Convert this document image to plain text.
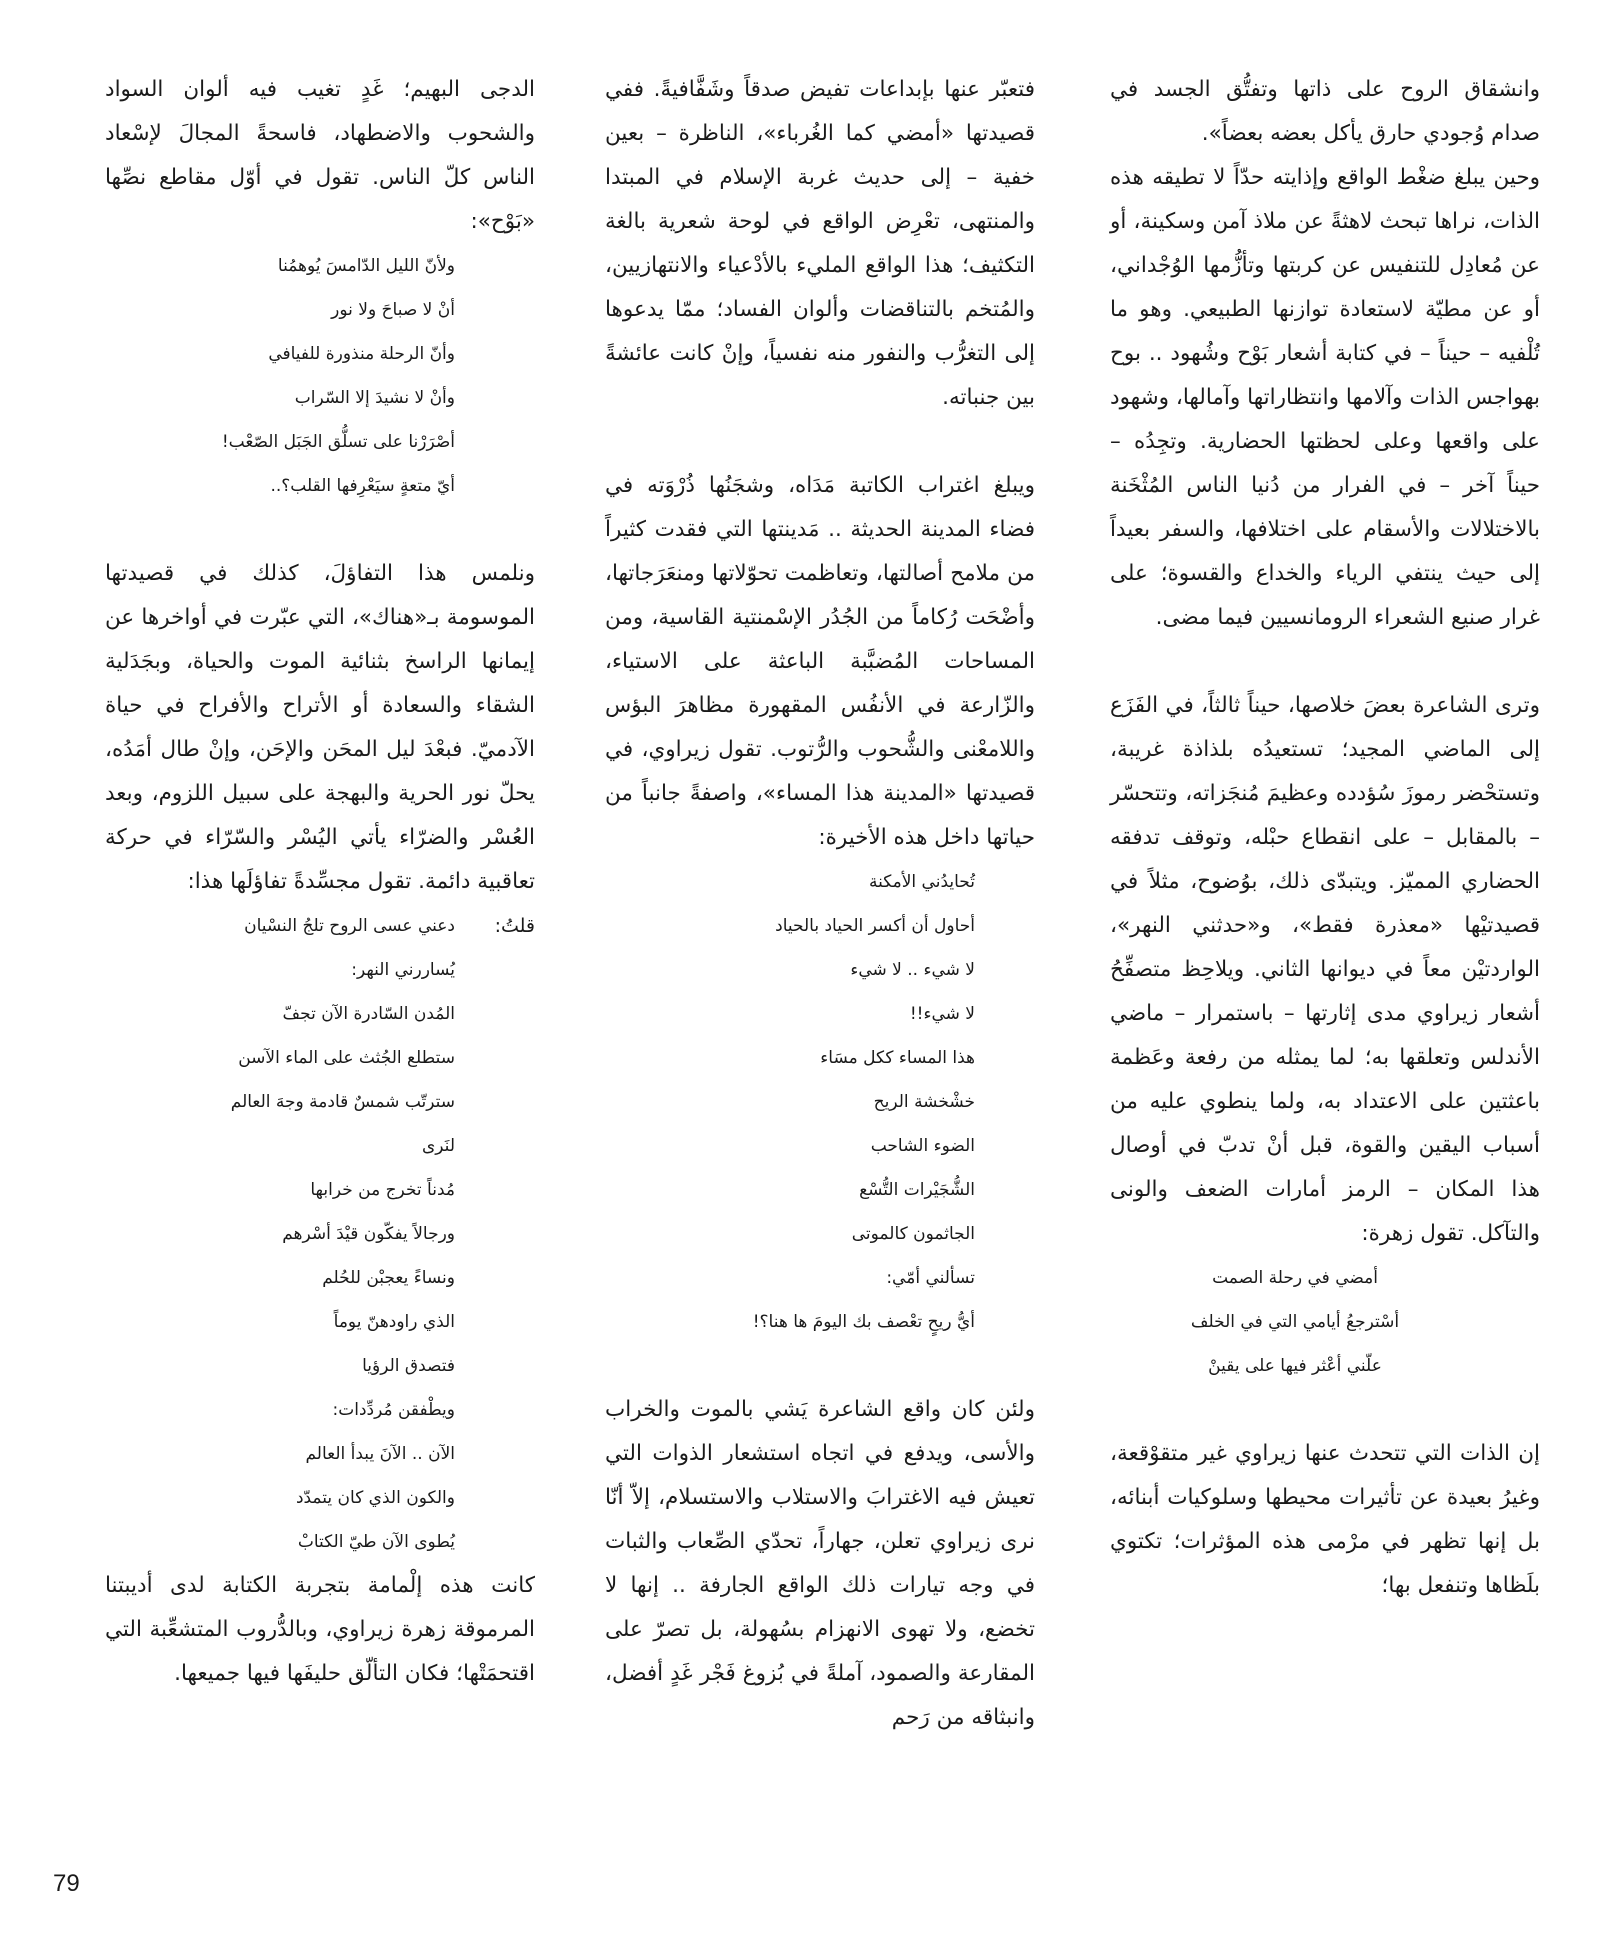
وانشقاق الروح على ذاتها وتفتُّق الجسد في صدام وُجودي حارق يأكل بعضه بعضاً».

وحين يبلغ ضغْط الواقع وإذايته حدّاً لا تطيقه هذه الذات، نراها تبحث لاهثةً عن ملاذ آمن وسكينة، أو عن مُعادِل للتنفيس عن كربتها وتأزُّمها الوُجْداني، أو عن مطيّة لاستعادة توازنها الطبيعي. وهو ما تُلْفيه – حيناً – في كتابة أشعار بَوْح وشُهود .. بوح بهواجس الذات وآلامها وانتظاراتها وآمالها، وشهود على واقعها وعلى لحظتها الحضارية. وتجِدُه – حيناً آخر – في الفرار من دُنيا الناس المُثْخَنة بالاختلالات والأسقام على اختلافها، والسفر بعيداً إلى حيث ينتفي الرياء والخداع والقسوة؛ على غرار صنيع الشعراء الرومانسيين فيما مضى.

وترى الشاعرة بعضَ خلاصها، حيناً ثالثاً، في الفَزَع إلى الماضي المجيد؛ تستعيدُه بلذاذة غريبة، وتستحْضر رموزَ سُؤدده وعظيمَ مُنجَزاته، وتتحسّر – بالمقابل – على انقطاع حبْله، وتوقف تدفقه الحضاري المميّز. ويتبدّى ذلك، بوُضوح، مثلاً في قصيدتيْها «معذرة فقط»، و«حدثني النهر»، الواردتيْن معاً في ديوانها الثاني. ويلاحِظ متصفِّحُ أشعار زيراوي مدى إثارتها – باستمرار – ماضي الأندلس وتعلقها به؛ لما يمثله من رفعة وعَظمة باعثتين على الاعتداد به، ولما ينطوي عليه من أسباب اليقين والقوة، قبل أنْ تدبّ في أوصال هذا المكان – الرمز أمارات الضعف والونى والتآكل. تقول زهرة:

أمضي في رحلة الصمت
أسْترجعُ أيامي التي في الخلف
علّني أعْثر فيها على يقينْ

إن الذات التي تتحدث عنها زيراوي غير متقوْقعة، وغيرُ بعيدة عن تأثيرات محيطها وسلوكيات أبنائه، بل إنها تظهر في مرْمى هذه المؤثرات؛ تكتوي بلَظاها وتنفعل بها؛

فتعبّر عنها بإبداعات تفيض صدقاً وشَفَّافيةً. ففي قصيدتها «أمضي كما الغُرباء»، الناظرة – بعين خفية – إلى حديث غربة الإسلام في المبتدا والمنتهى، تعْرِض الواقع في لوحة شعرية بالغة التكثيف؛ هذا الواقع المليء بالأدْعياء والانتهازيين، والمُتخم بالتناقضات وألوان الفساد؛ ممّا يدعوها إلى التغرُّب والنفور منه نفسياً، وإنْ كانت عائشةً بين جنباته.

ويبلغ اغتراب الكاتبة مَدَاه، وشجَنُها ذُرْوَته في فضاء المدينة الحديثة .. مَدينتها التي فقدت كثيراً من ملامح أصالتها، وتعاظمت تحوّلاتها ومنعَرَجاتها، وأضْحَت رُكاماً من الجُدُر الإسْمنتية القاسية، ومن المساحات المُضبَّبة الباعثة على الاستياء، والزّارعة في الأنفُس المقهورة مظاهرَ البؤس واللامعْنى والشُّحوب والرُّتوب. تقول زيراوي، في قصيدتها «المدينة هذا المساء»، واصفةً جانباً من حياتها داخل هذه الأخيرة:

تُحايدُني الأمكنة
أحاول أن أكسر الحياد بالحياد
لا شيء .. لا شيء
لا شيء!!
هذا المساء ككل مسَاء
خشْخشة الريح
الضوء الشاحب
الشُّجَيْرات التُّسْع
الجاثمون كالموتى
تسألني أمّي:
أيُّ ريحٍ تعْصف بك اليومَ ها هنا؟!

ولئن كان واقع الشاعرة يَشي بالموت والخراب والأسى، ويدفع في اتجاه استشعار الذوات التي تعيش فيه الاغترابَ والاستلاب والاستسلام، إلاّ أنّا نرى زيراوي تعلن، جهاراً، تحدّي الصِّعاب والثبات في وجه تيارات ذلك الواقع الجارفة .. إنها لا تخضع، ولا تهوى الانهزام بسُهولة، بل تصرّ على المقارعة والصمود، آملةً في بُزوغ فَجْر غَدٍ أفضل، وانبثاقه من رَحم

الدجى البهيم؛ غَدٍ تغيب فيه ألوان السواد والشحوب والاضطهاد، فاسحةً المجالَ لإسْعاد الناس كلّ الناس. تقول في أوّل مقاطع نصِّها «بَوْح»:

ولأنّ الليل الدّامسَ يُوهمُنا
أنْ لا صباحَ ولا نور
وأنّ الرحلة منذورة للفيافي
وأنْ لا نشيدَ إلا السّراب
أصْرَرْنا على تسلُّق الجَبَل الصّعْب!
أيّ متعةٍ سيَعْرِفها القلب؟..

ونلمس هذا التفاؤلَ، كذلك في قصيدتها الموسومة بـ«هناك»، التي عبّرت في أواخرها عن إيمانها الراسخ بثنائية الموت والحياة، وبجَدَلية الشقاء والسعادة أو الأتراح والأفراح في حياة الآدميّ. فبعْدَ ليل المحَن والإحَن، وإنْ طال أمَدُه، يحلّ نور الحرية والبهجة على سبيل اللزوم، وبعد العُسْر والضرّاء يأتي اليُسْر والسّرّاء في حركة تعاقبية دائمة. تقول مجسِّدةً تفاؤلَها هذا:

قلتُ:
دعني عسى الروح تلجُ النسْيان
يُساررني النهر:
المُدن السّادرة الآن تجفّ
ستطلع الجُثث على الماء الآسن
سترتّب شمسٌ قادمة وجهَ العالم
لنَرى
مُدناً تخرج من خرابها
ورجالاً يفكّون قيْدَ أسْرهم
ونساءً يعجبْن للحُلم
الذي راودهنّ يوماً
فتصدق الرؤيا
ويطْفقن مُردِّدات:
الآن .. الآنَ يبدأ العالم
والكون الذي كان يتمدّد
يُطوى الآن طيّ الكتابْ

كانت هذه إلْمامة بتجربة الكتابة لدى أديبتنا المرموقة زهرة زيراوي، وبالدُّروب المتشعِّبة التي اقتحمَتْها؛ فكان التألّق حليفَها فيها جميعها.

79
